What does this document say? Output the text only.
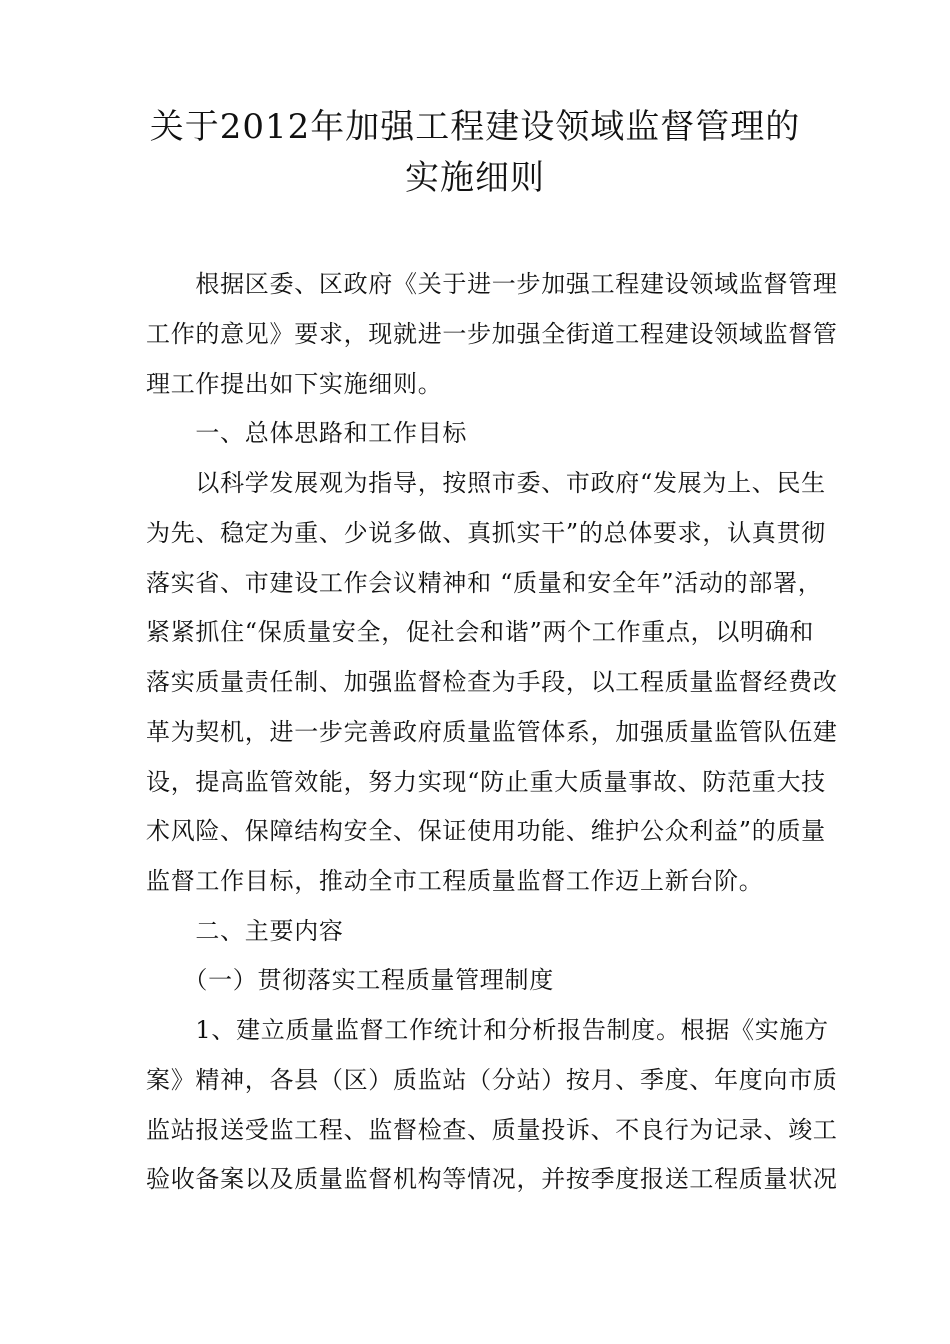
关于2012年加强工程建设领域监督管理的
实施细则
　　根据区委、区政府《关于进一步加强工程建设领域监督管理
工作的意见》要求，现就进一步加强全街道工程建设领域监督管
理工作提出如下实施细则。
　　一、总体思路和工作目标
　　以科学发展观为指导，按照市委、市政府“发展为上、民生
为先、稳定为重、少说多做、真抓实干”的总体要求，认真贯彻
落实省、市建设工作会议精神和 “质量和安全年”活动的部署，
紧紧抓住“保质量安全，促社会和谐”两个工作重点，以明确和
落实质量责任制、加强监督检查为手段，以工程质量监督经费改
革为契机，进一步完善政府质量监管体系，加强质量监管队伍建
设，提高监管效能，努力实现“防止重大质量事故、防范重大技
术风险、保障结构安全、保证使用功能、维护公众利益”的质量
监督工作目标，推动全市工程质量监督工作迈上新台阶。
　　二、主要内容
　　（一）贯彻落实工程质量管理制度
　　1、建立质量监督工作统计和分析报告制度。根据《实施方
案》精神，各县（区）质监站（分站）按月、季度、年度向市质
监站报送受监工程、监督检查、质量投诉、不良行为记录、竣工
验收备案以及质量监督机构等情况，并按季度报送工程质量状况
